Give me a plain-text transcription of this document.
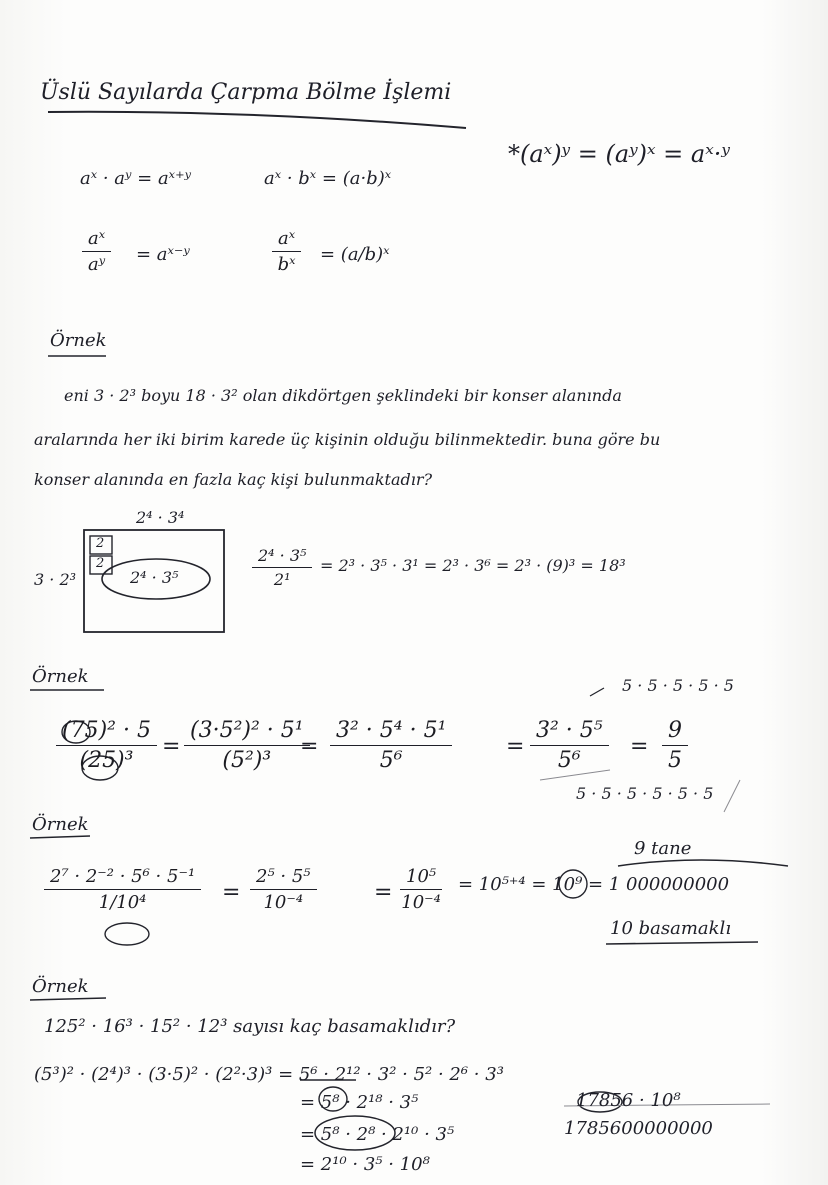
Üslü Sayılarda Çarpma Bölme İşlemi
aˣ · aʸ = aˣ⁺ʸ	aˣ · bˣ = (a·b)ˣ
*(aˣ)ʸ = (aʸ)ˣ = aˣ·ʸ
$\frac{\text{aˣ}}{\text{aʸ}}$ = aˣ⁻ʸ	$\frac{\text{aˣ}}{\text{bˣ}}$ = (a/b)ˣ
Örnek
eni 3 · 2³ boyu 18 · 3² olan dikdörtgen şeklindeki bir konser alanında
aralarında her iki birim karede üç kişinin olduğu bilinmektedir. buna göre bu
konser alanında en fazla kaç kişi bulunmaktadır?
2⁴ · 3⁴
3 · 2³
2
2
2⁴ · 3⁵	$\frac{\text{2⁴ · 3⁵}}{\text{2¹}} = 2^3 \cdot 3^5 \cdot 3^1 = 2^3 \cdot 3^6 = 2^3 \cdot (9)^3 = 18^3$
Örnek	5 · 5 · 5 · 5 · 5
$\frac{\text{(75)² · 5}}{\text{(25)³}} = \frac{\text{(3·5²)² · 5¹}}{\text{(5²)³}}$
= $\frac{\text{3² · 5⁴ · 5¹}}{\text{5⁶}} = \frac{\text{3² · 5⁵}}{\text{5⁶}} = \frac{9}{5}$
5 · 5 · 5 · 5 · 5 · 5
Örnek
9 tane
$\frac{\text{2⁷ · 2⁻² · 5⁶ · 5⁻¹}}{\text{1/10⁴}} = \frac{\text{2⁵ · 5⁵}}{\text{10⁻⁴}}$	= $\frac{\text{10⁵}}{\text{10⁻⁴}} = 10^{5+4} = 10^9 = 1$ 000000000
10 basamaklı
Örnek
125² · 16³ · 15² · 12³ sayısı kaç basamaklıdır?
(5³)² · (2⁴)³ · (3·5)² · (2²·3)³ = 5⁶ · 2¹² · 3² · 5² · 2⁶ · 3³
= 5⁸ · 2¹⁸ · 3⁵
= 5⁸ · 2⁸ · 2¹⁰ · 3⁵
= 2¹⁰ · 3⁵ · 10⁸
17856 · 10⁸
1785600000000
